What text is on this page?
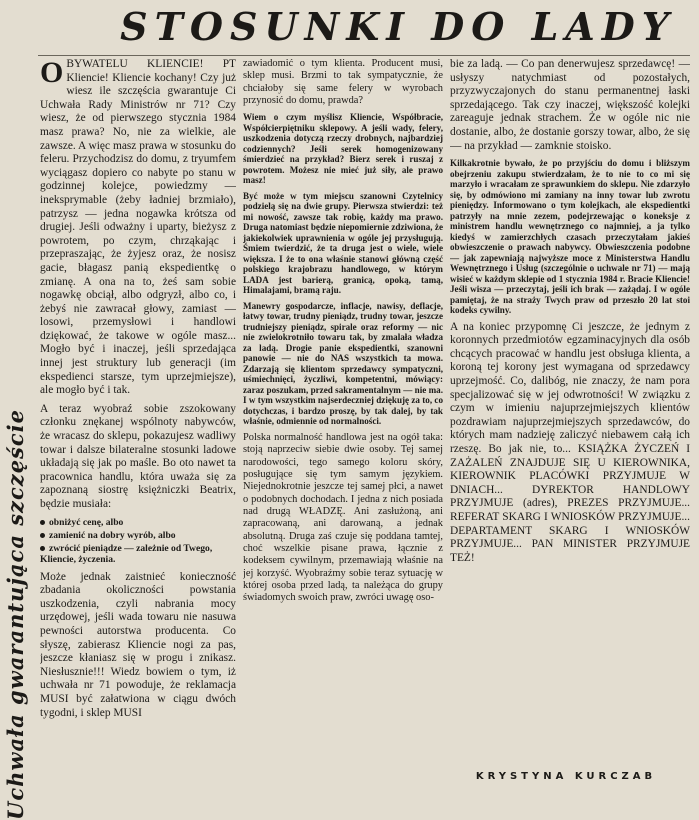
STOSUNKI DO LADY
Uchwała gwarantująca szczęście

O BYWATELU KLIENCIE! PT Kliencie! Kliencie kochany! Czy już wiesz ile szczęścia gwarantuje Ci Uchwała Rady Ministrów nr 71? Czy wiesz, że od pierwszego stycznia 1984 masz prawa? No, nie za wielkie, ale zawsze. A więc masz prawa w stosunku do feleru. Przychodzisz do domu, z tryumfem wyciągasz dopiero co nabyte po stanu w godzinnej kolejce, powiedzmy — ineksprymable (żeby ładniej brzmiało), patrzysz — jedna nogawka krótsza od drugiej. Jeśli odważny i uparty, bieżysz z powrotem, po czym, chrząkając i przepraszając, że żyjesz oraz, że nosisz gacie, błagasz panią ekspedientkę o zmianę. A ona na to, żeś sam sobie nogawkę obciął, albo odgryzł, albo co, i żebyś nie zawracał głowy, zamiast — losowi, przemysłowi i handlowi dziękować, że takowe w ogóle masz... Mogło być i inaczej, jeśli sprzedająca innej jest struktury lub generacji (im ekspedienci starsze, tym uprzejmiejsze), ale mogło być i tak.

A teraz wyobraź sobie zszokowany członku znękanej wspólnoty nabywców, że wracasz do sklepu, pokazujesz wadliwy towar i dalsze bilateralne stosunki ladowe układają się jak po maśle. Bo oto nawet ta pracownica handlu, która uważa się za zapoznaną siostrę księżniczki Beatrix, będzie musiała:

obniżyć cenę, albo
zamienić na dobry wyrób, albo
zwrócić pieniądze — zależnie od Twego, Kliencie, życzenia.

Może jednak zaistnieć konieczność zbadania okoliczności powstania uszkodzenia, czyli nabrania mocy urzędowej, jeśli wada towaru nie nasuwa pewności autorstwa producenta. Co słyszę, zabierasz Kliencie nogi za pas, jeszcze kłaniasz się w progu i znikasz. Niesłusznie!!! Wiedz bowiem o tym, iż uchwała nr 71 powoduje, że reklamacja MUSI być załatwiona w ciągu dwóch tygodni, i sklep MUSI

zawiadomić o tym klienta. Producent musi, sklep musi. Brzmi to tak sympatycznie, że chciałoby się same felery w wyrobach przynosić do domu, prawda?

Wiem o czym myślisz Kliencie, Współbracie, Współcierpiętniku sklepowy. A jeśli wady, felery, uszkodzenia dotyczą rzeczy drobnych, najbardziej codziennych? Jeśli serek homogenizowany śmierdzieć na przykład? Bierz serek i ruszaj z powrotem. Możesz nie mieć już siły, ale prawo masz!

Być może w tym miejscu szanowni Czytelnicy podzielą się na dwie grupy. Pierwsza stwierdzi: też mi nowość, zawsze tak robię, każdy ma prawo. Druga natomiast będzie niepomiernie zdziwiona, że jakiekolwiek uprawnienia w ogóle jej przysługują. Śmiem twierdzić, że ta druga jest o wiele, wiele większa. I że to ona właśnie stanowi główną część polskiego krajobrazu handlowego, w którym LADA jest barierą, granicą, opoką, tamą, Himalajami, bramą raju.

Manewry gospodarcze, inflacje, nawisy, deflacje, łatwy towar, trudny pieniądz, trudny towar, jeszcze trudniejszy pieniądz, spirale oraz reformy — nic nie zwielokrotniło towaru tak, by zmalała władza za ladą. Drogie panie ekspedientki, szanowni panowie — nie do NAS wszystkich ta mowa. Zdarzają się klientom sprzedawcy sympatyczni, uśmiechnięci, życzliwi, kompetentni, mówiący: zaraz poszukam, przed sakramentalnym — nie ma. I w tym wszystkim najserdeczniej dziękuję za to, co dotychczas, i bardzo proszę, by tak dalej, by tak właśnie, odmiennie od normalności.

Polska normalność handlowa jest na ogół taka: stoją naprzeciw siebie dwie osoby. Tej samej narodowości, tego samego koloru skóry, posługujące się tym samym językiem. Niejednokrotnie jeszcze tej samej płci, a nawet o podobnych dochodach. I jedna z nich posiada nad drugą WŁADZĘ. Ani zasłużoną, ani zapracowaną, ani darowaną, a jednak absolutną. Druga zaś czuje się poddana tamtej, choć wszelkie pisane prawa, łącznie z kodeksem cywilnym, przemawiają właśnie na jej korzyść. Wyobraźmy sobie teraz sytuację w której osoba przed ladą, ta należąca do grupy świadomych swoich praw, zwróci uwagę oso-

bie za ladą. — Co pan denerwujesz sprzedawcę! — usłyszy natychmiast od pozostałych, przyzwyczajonych do stanu permanentnej łaski sprzedającego. Tak czy inaczej, większość kolejki zareaguje jednak strachem. Że w ogóle nic nie dostanie, albo, że dostanie gorszy towar, albo, że się — na przykład — zamknie stoisko.

Kilkakrotnie bywało, że po przyjściu do domu i bliższym obejrzeniu zakupu stwierdzałam, że to nie to co mi się marzyło i wracałam ze sprawunkiem do sklepu. Nie zdarzyło się, by odmówiono mi zamiany na inny towar lub zwrotu pieniędzy. Informowano o tym kolejkach, ale ekspedientki patrzyły na mnie zezem, podejrzewając o koneksje z ministrem handlu wewnętrznego co najmniej, a ja tylko kiedyś w zamierzchłych czasach przeczytałam jakieś obwieszczenie o prawach nabywcy. Obwieszczenia podobne — jak zapewniają najwyższe moce z Ministerstwa Handlu Wewnętrznego i Usług (szczególnie o uchwale nr 71) — mają wisieć w każdym sklepie od 1 stycznia 1984 r. Bracie Kliencie! Jeśli wisza — przeczytaj, jeśli ich brak — zażądaj. I w ogóle pamiętaj, że na straży Twych praw od przeszło 20 lat stoi kodeks cywilny.

A na koniec przypomnę Ci jeszcze, że jednym z koronnych przedmiotów egzaminacyjnych dla osób chcących pracować w handlu jest obsługa klienta, a koroną tej korony jest wymagana od sprzedawcy uprzejmość. Co, dalibóg, nie znaczy, że nam pora specjalizować się w jej odwrotności! W związku z czym w imieniu najuprzejmiejszych klientów pozdrawiam najuprzejmiejszych sprzedawców, do których mam nadzieję zaliczyć niebawem całą ich rzeszę. Bo jak nie, to... KSIĄŻKA ŻYCZEŃ I ZAŻALEŃ ZNAJDUJE SIĘ U KIEROWNIKA, KIEROWNIK PLACÓWKI PRZYJMUJE W DNIACH... DYREKTOR HANDLOWY PRZYJMUJE (adres), PREZES PRZYJMUJE... REFERAT SKARG I WNIOSKÓW PRZYJMUJE... DEPARTAMENT SKARG I WNIOSKÓW PRZYJMUJE... PAN MINISTER PRZYJMUJE TEŻ!

KRYSTYNA KURCZAB
